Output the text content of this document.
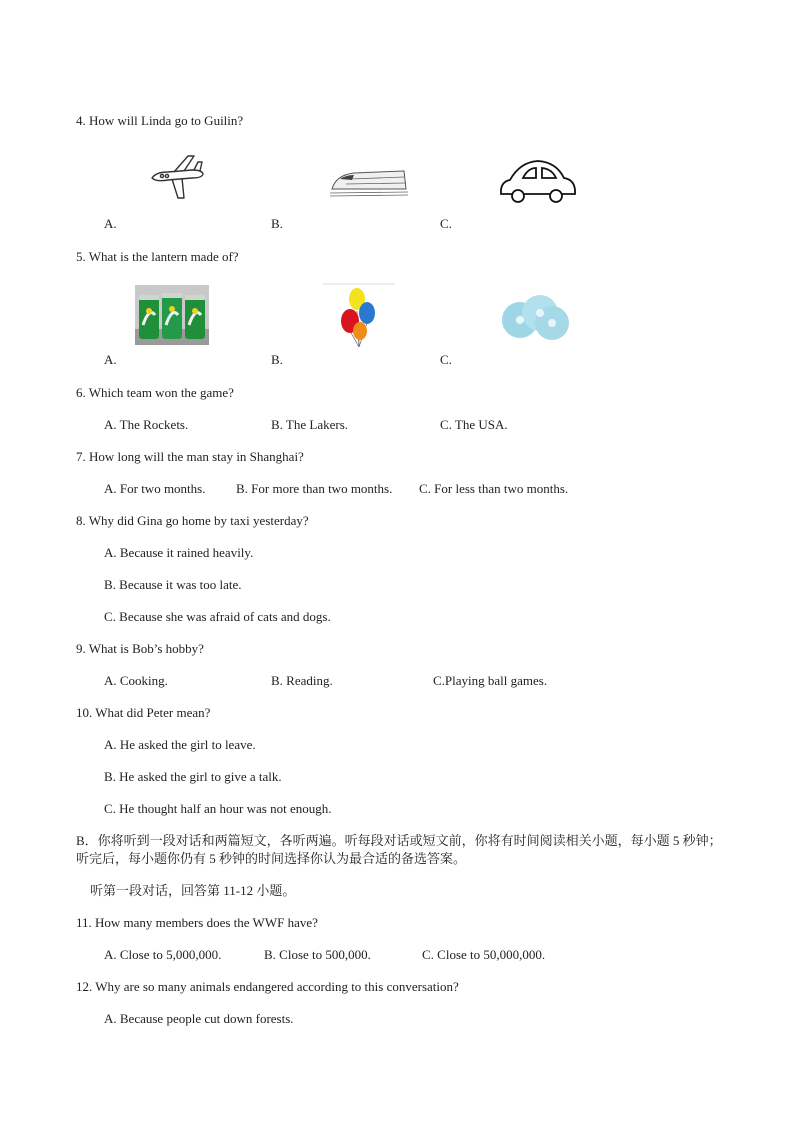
4. How will Linda go to Guilin?
A.	B.	C.
5. What is the lantern made of?
A.	B.	C.
6. Which team won the game?
A. The Rockets.	B. The Lakers.	C. The USA.
7. How long will the man stay in Shanghai?
A. For two months. B. For more than two months. C. For less than two months.
8. Why did Gina go home by taxi yesterday?
A. Because it rained heavily.
B. Because it was too late.
C. Because she was afraid of cats and dogs.
9. What is Bob’s hobby?
A. Cooking.	B. Reading.	C.Playing ball games.
10. What did Peter mean?
A. He asked the girl to leave.
B. He asked the girl to give a talk.
C. He thought half an hour was not enough.
B．你将听到一段对话和两篇短文，各听两遍。听每段对话或短文前，你将有时间阅读相关小题，每小题 5 秒钟；听完后，每小题你仍有 5 秒钟的时间选择你认为最合适的备选答案。
听第一段对话，回答第 11-12 小题。
11. How many members does the WWF have?
A. Close to 5,000,000.	B. Close to 500,000.	C. Close to 50,000,000.
12. Why are so many animals endangered according to this conversation?
A. Because people cut down forests.
